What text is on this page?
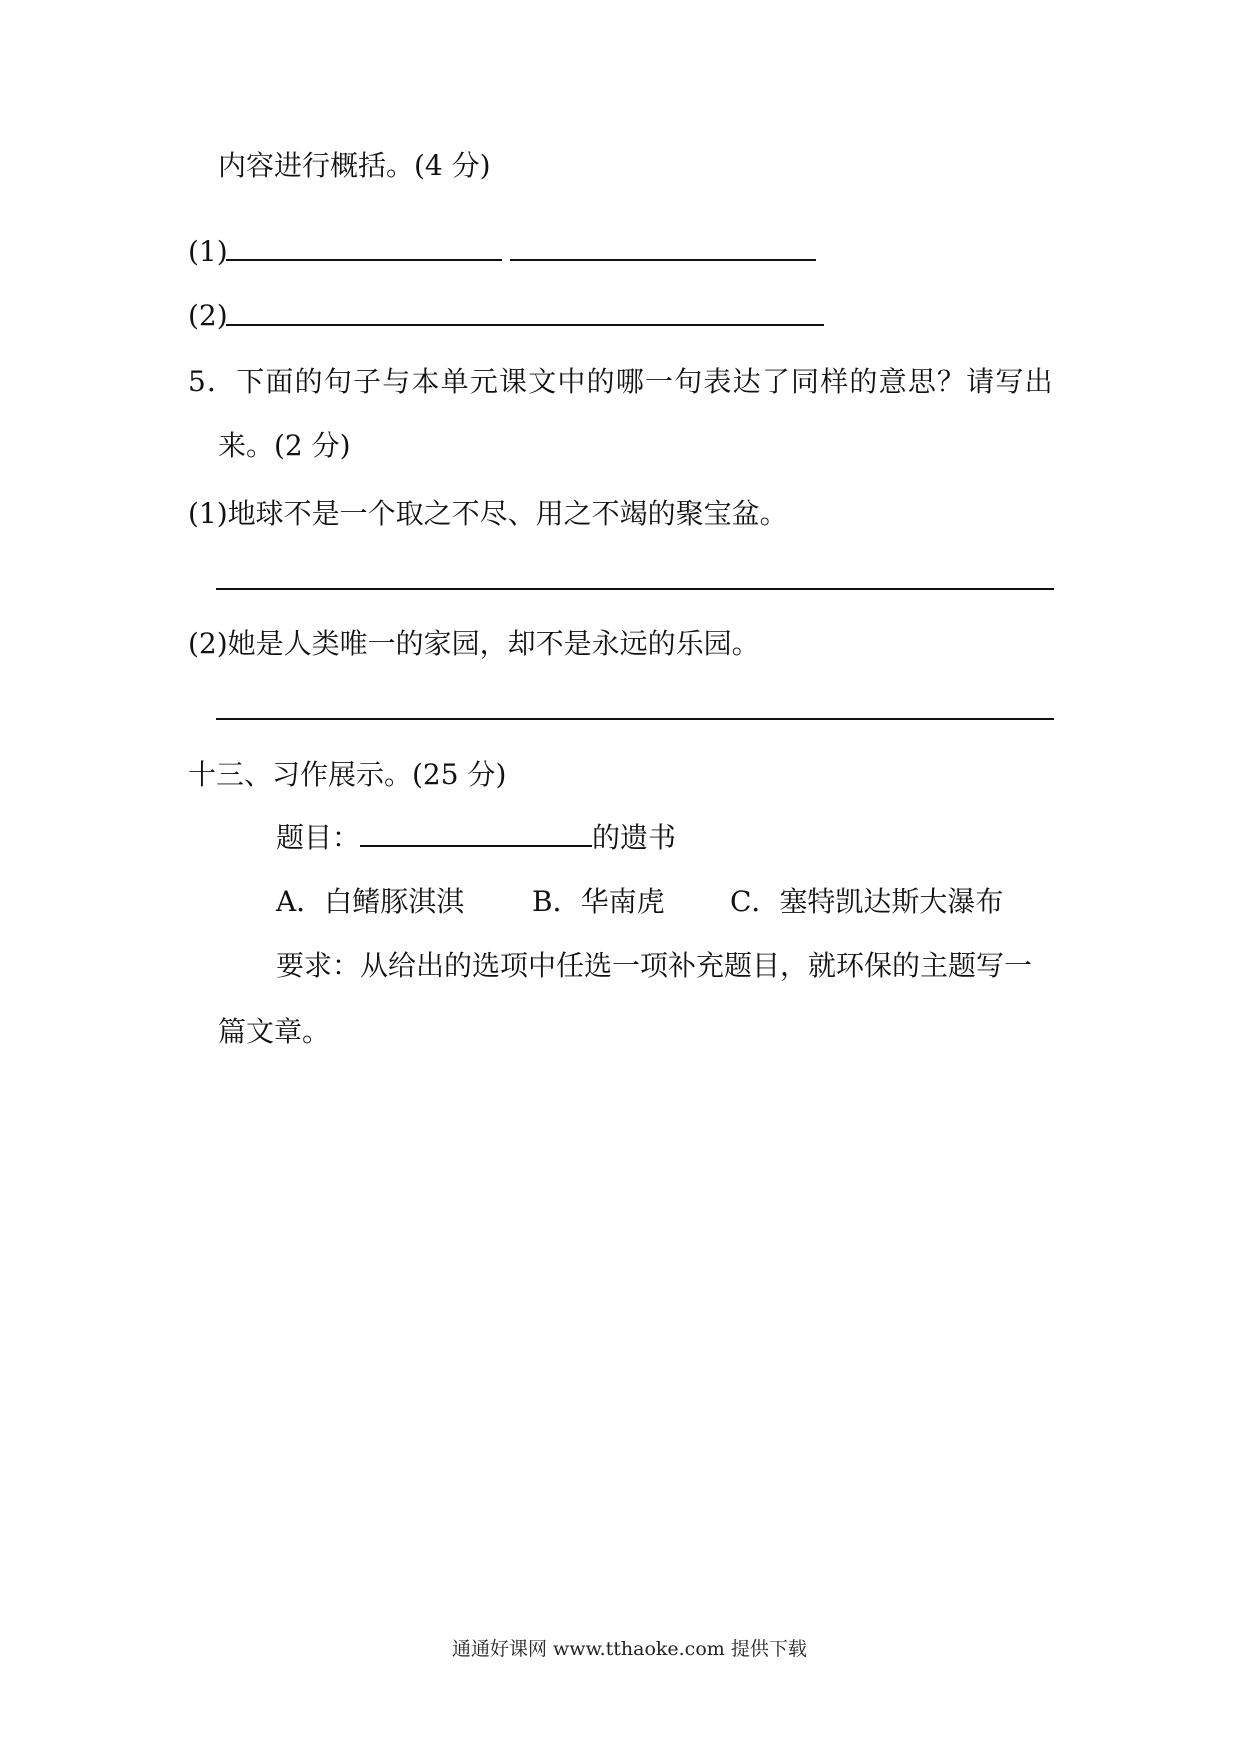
内容进行概括。(4 分)
(1)
(2)
5．下面的句子与本单元课文中的哪一句表达了同样的意思？请写出
来。(2 分)
(1)地球不是一个取之不尽、用之不竭的聚宝盆。
(2)她是人类唯一的家园，却不是永远的乐园。
十三、习作展示。(25 分)
题目：	的遗书
A．白鳍豚淇淇 B．华南虎 C．塞特凯达斯大瀑布
要求：从给出的选项中任选一项补充题目，就环保的主题写一
篇文章。
通通好课网 www.tthaoke.com 提供下载
